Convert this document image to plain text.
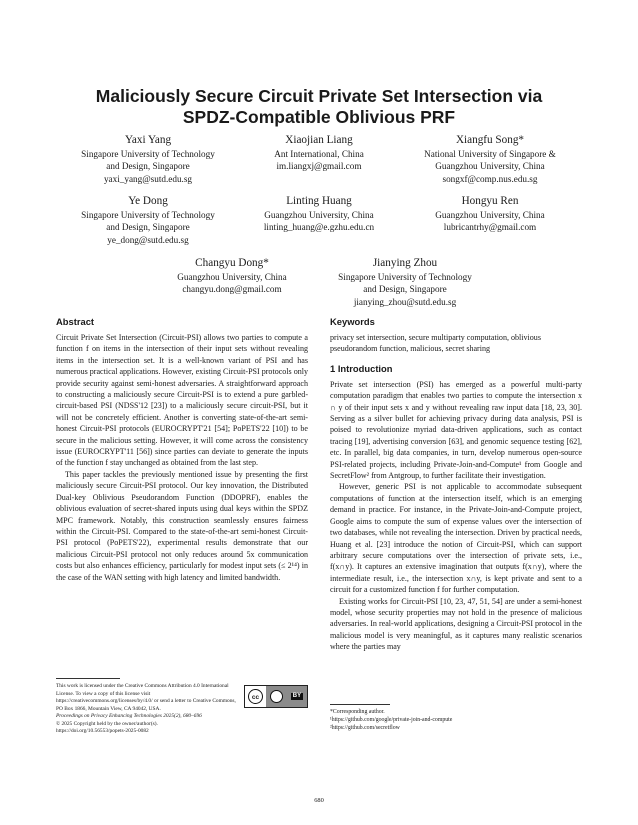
Maliciously Secure Circuit Private Set Intersection via
SPDZ-Compatible Oblivious PRF
Yaxi Yang
Singapore University of Technology
and Design, Singapore
yaxi_yang@sutd.edu.sg
Xiaojian Liang
Ant International, China
im.liangxj@gmail.com
Xiangfu Song*
National University of Singapore &
Guangzhou University, China
songxf@comp.nus.edu.sg
Ye Dong
Singapore University of Technology
and Design, Singapore
ye_dong@sutd.edu.sg
Linting Huang
Guangzhou University, China
linting_huang@e.gzhu.edu.cn
Hongyu Ren
Guangzhou University, China
lubricantrhy@gmail.com
Changyu Dong*
Guangzhou University, China
changyu.dong@gmail.com
Jianying Zhou
Singapore University of Technology
and Design, Singapore
jianying_zhou@sutd.edu.sg
Abstract

Circuit Private Set Intersection (Circuit-PSI) allows two parties to compute a function f on items in the intersection of their input sets without revealing items in the intersection set. It is a well-known variant of PSI and has numerous practical applications. However, existing Circuit-PSI protocols only provide security against semi-honest adversaries. A straightforward approach to constructing a maliciously secure Circuit-PSI is to extend a pure garbled-circuit-based PSI (NDSS'12 [23]) to a maliciously secure circuit-PSI, but it will not be concretely efficient. Another is converting state-of-the-art semi-honest Circuit-PSI protocols (EUROCRYPT'21 [54]; PoPETS'22 [10]) to be secure in the malicious setting. However, it will come across the consistency issue (EUROCRYPT'11 [56]) since parties can deviate to generate the inputs of the function f stay unchanged as obtained from the last step.

This paper tackles the previously mentioned issue by presenting the first maliciously secure Circuit-PSI protocol. Our key innovation, the Distributed Dual-key Oblivious Pseudorandom Function (DDOPRF), enables the oblivious evaluation of secret-shared inputs using dual keys within the SPDZ MPC framework. Notably, this construction seamlessly ensures fairness within the Circuit-PSI. Compared to the state-of-the-art semi-honest Circuit-PSI protocol (PoPETS'22), experimental results demonstrate that our malicious Circuit-PSI protocol not only reduces around 5x communication costs but also enhances efficiency, particularly for modest input sets (≤ 2¹⁴) in the case of the WAN setting with high latency and limited bandwidth.

Keywords

privacy set intersection, secure multiparty computation, oblivious pseudorandom function, malicious, secret sharing

1 Introduction

Private set intersection (PSI) has emerged as a powerful multi-party computation paradigm that enables two parties to compute the intersection x ∩ y of their input sets x and y without revealing raw input data [18, 23, 30]. Serving as a silver bullet for achieving privacy during data analysis, PSI is poised to revolutionize myriad data-driven applications, such as contact tracing [19], advertising conversion [63], and genomic sequence testing [62], etc. In parallel, big data companies, in turn, develop numerous open-source PSI-related projects, including Private-Join-and-Compute¹ from Google and SecretFlow² from Antgroup, to further facilitate their investigation.

However, generic PSI is not applicable to accommodate subsequent computations of function at the intersection itself, which is an emerging demand in practice. For instance, in the Private-Join-and-Compute project, Google aims to compute the sum of expense values over the intersection of two databases, while not revealing the intersection. Driven by practical needs, Huang et al. [23] introduce the notion of Circuit-PSI, which can support arbitrary secure computations over the intersection of private sets, i.e., f(x∩y). It captures an extensive imagination that outputs f(x∩y), where the intermediate result, i.e., the intersection x∩y, is kept private and sent to a circuit for a customized function f for further computation.

Existing works for Circuit-PSI [10, 23, 47, 51, 54] are under a semi-honest model, whose security properties may not hold in the presence of malicious adversaries. In real-world applications, designing a Circuit-PSI protocol in the malicious model is very meaningful, as it captures many realistic scenarios where the parties may

This work is licensed under the Creative Commons Attribution 4.0 International License. To view a copy of this license visit https://creativecommons.org/licenses/by/4.0/ or send a letter to Creative Commons, PO Box 1866, Mountain View, CA 94042, USA.
cc	BY
Proceedings on Privacy Enhancing Technologies 2025(2), 680–696
© 2025 Copyright held by the owner/author(s).
https://doi.org/10.56553/popets-2025-0082
*Corresponding author.
¹https://github.com/google/private-join-and-compute
²https://github.com/secretflow
680
